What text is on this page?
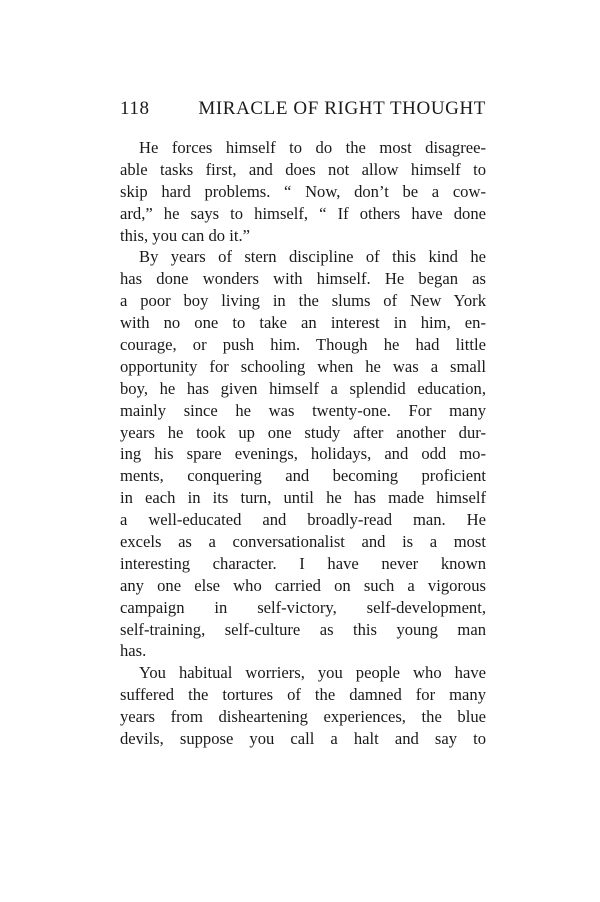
118	MIRACLE OF RIGHT THOUGHT
He forces himself to do the most disagree-
able tasks first, and does not allow himself to
skip hard problems. “ Now, don’t be a cow-
ard,” he says to himself, “ If others have done
this, you can do it.”
By years of stern discipline of this kind he
has done wonders with himself. He began as
a poor boy living in the slums of New York
with no one to take an interest in him, en-
courage, or push him. Though he had little
opportunity for schooling when he was a small
boy, he has given himself a splendid education,
mainly since he was twenty-one. For many
years he took up one study after another dur-
ing his spare evenings, holidays, and odd mo-
ments, conquering and becoming proficient
in each in its turn, until he has made himself
a well-educated and broadly-read man. He
excels as a conversationalist and is a most
interesting character. I have never known
any one else who carried on such a vigorous
campaign in self-victory, self-development,
self-training, self-culture as this young man
has.
You habitual worriers, you people who have
suffered the tortures of the damned for many
years from disheartening experiences, the blue
devils, suppose you call a halt and say to
